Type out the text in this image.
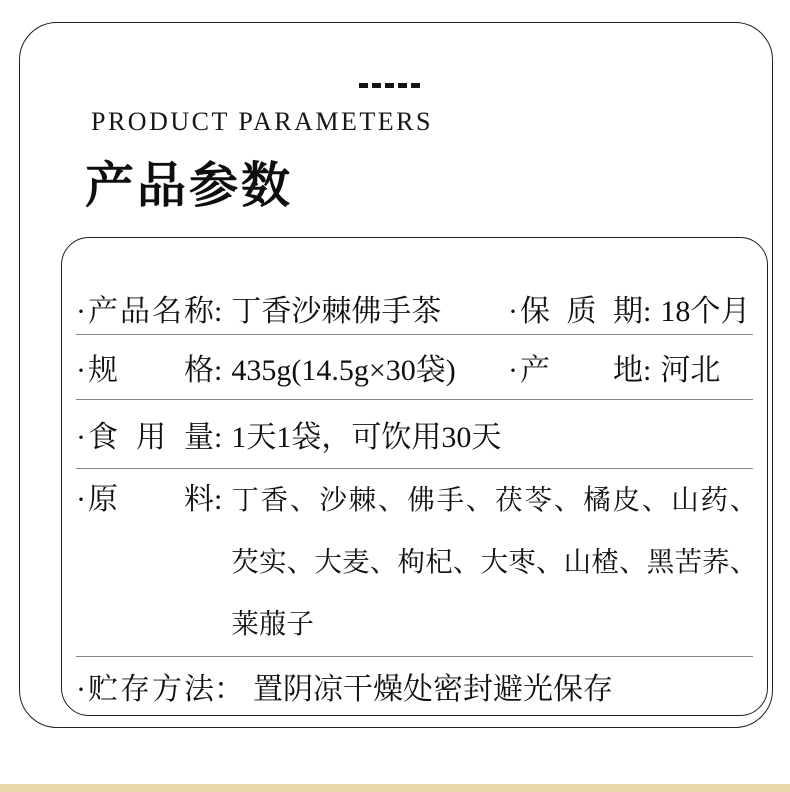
PRODUCT PARAMETERS
产品参数
· 产品名称 : 丁香沙棘佛手茶 · 保质期 : 18个月
· 规格 : 435g(14.5g×30袋) · 产地 : 河北
· 食用量 : 1天1袋，可饮用30天
· 原料 : 丁香、沙棘、佛手、茯苓、橘皮、山药、
芡实、大麦、枸杞、大枣、山楂、黑苦荞、
莱菔子
· 贮存方法 ： 置阴凉干燥处密封避光保存
